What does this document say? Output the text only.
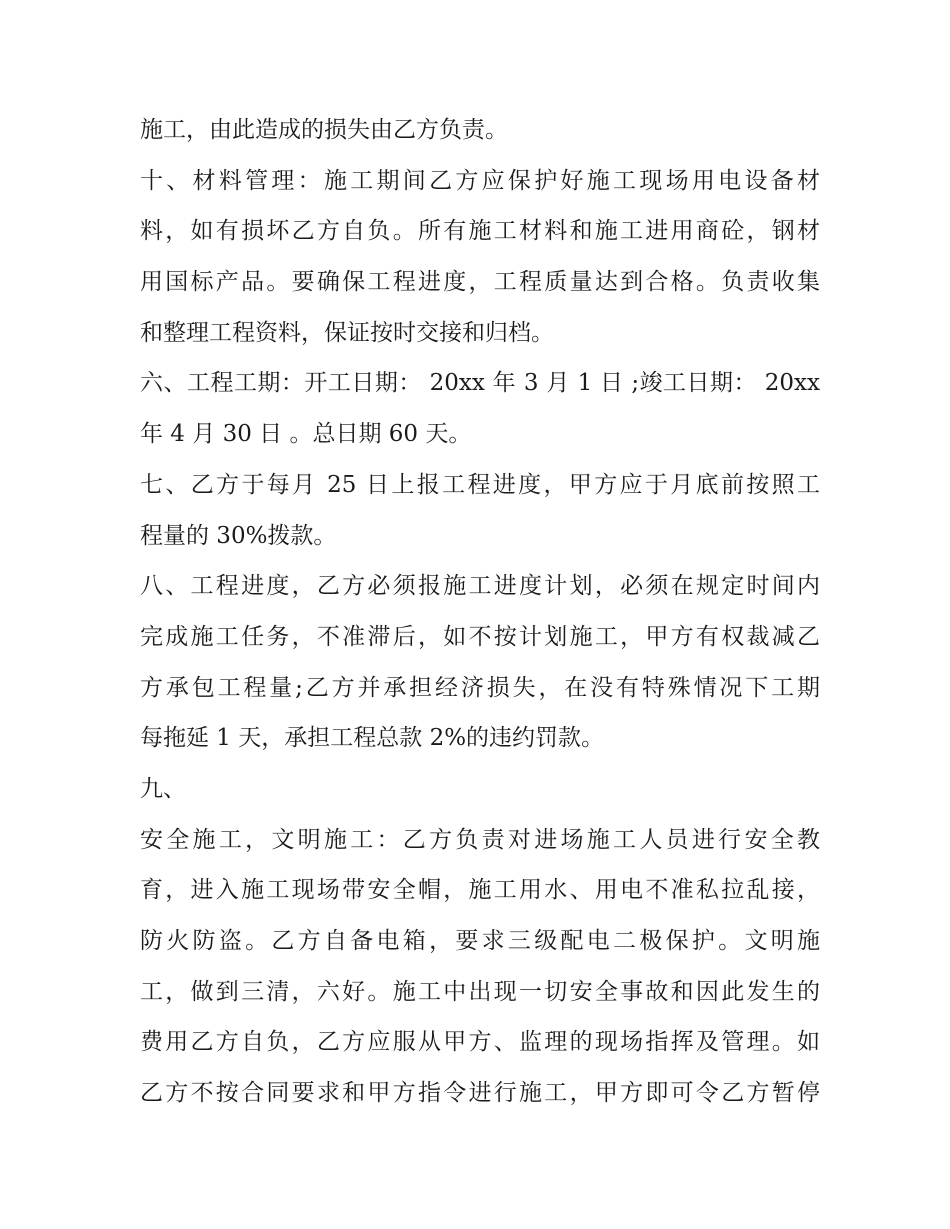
施工，由此造成的损失由乙方负责。
十、材料管理：施工期间乙方应保护好施工现场用电设备材
料，如有损坏乙方自负。所有施工材料和施工进用商砼，钢材
用国标产品。要确保工程进度，工程质量达到合格。负责收集
和整理工程资料，保证按时交接和归档。
六、工程工期：开工日期： 20xx 年 3 月 1 日 ;竣工日期： 20xx
年 4 月 30 日 。总日期 60 天。
七、乙方于每月 25 日上报工程进度，甲方应于月底前按照工
程量的 30%拨款。
八、工程进度，乙方必须报施工进度计划，必须在规定时间内
完成施工任务，不准滞后，如不按计划施工，甲方有权裁减乙
方承包工程量;乙方并承担经济损失，在没有特殊情况下工期
每拖延 1 天，承担工程总款 2%的违约罚款。
九、
安全施工，文明施工：乙方负责对进场施工人员进行安全教
育，进入施工现场带安全帽，施工用水、用电不准私拉乱接，
防火防盗。乙方自备电箱，要求三级配电二极保护。文明施
工，做到三清，六好。施工中出现一切安全事故和因此发生的
费用乙方自负，乙方应服从甲方、监理的现场指挥及管理。如
乙方不按合同要求和甲方指令进行施工，甲方即可令乙方暂停
